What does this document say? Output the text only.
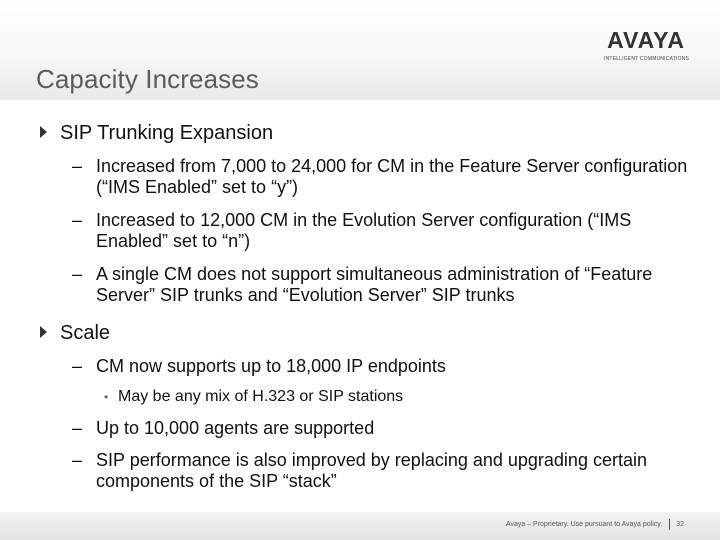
Capacity Increases
AVAYA
INTELLIGENT COMMUNICATIONS
SIP Trunking Expansion
– Increased from 7,000 to 24,000 for CM in the Feature Server configuration (“IMS Enabled” set to “y”)
– Increased to 12,000 CM in the Evolution Server configuration (“IMS Enabled” set to “n”)
– A single CM does not support simultaneous administration of “Feature Server” SIP trunks and “Evolution Server” SIP trunks
Scale
– CM now supports up to 18,000 IP endpoints
• May be any mix of H.323 or SIP stations
– Up to 10,000 agents are supported
– SIP performance is also improved by replacing and upgrading certain components of the SIP “stack”
Avaya – Proprietary. Use pursuant to Avaya policy. 32
